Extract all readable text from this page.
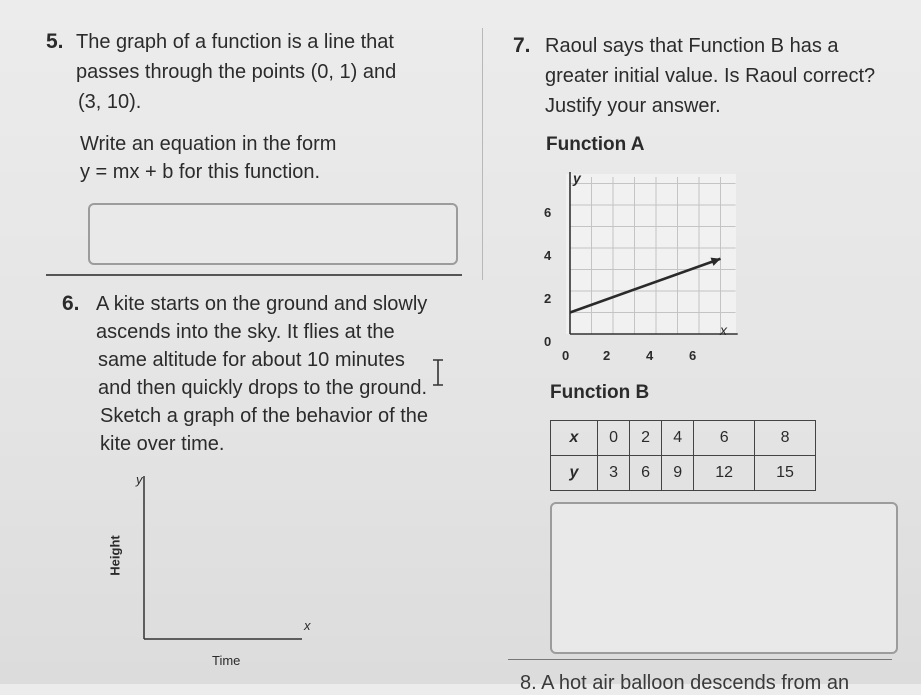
5. The graph of a function is a line that
passes through the points (0, 1) and
(3, 10).
Write an equation in the form
y = mx + b for this function.
6. A kite starts on the ground and slowly
ascends into the sky. It flies at the
same altitude for about 10 minutes
and then quickly drops to the ground.
Sketch a graph of the behavior of the
kite over time.
y
x
Height
Time
7. Raoul says that Function B has a
greater initial value. Is Raoul correct?
Justify your answer.
Function A
y
x
6
4
2
0
0	2	4	6
Function B
x	0	2	4	6	8
y	3	6	9	12	15
8. A hot air balloon descends from an
